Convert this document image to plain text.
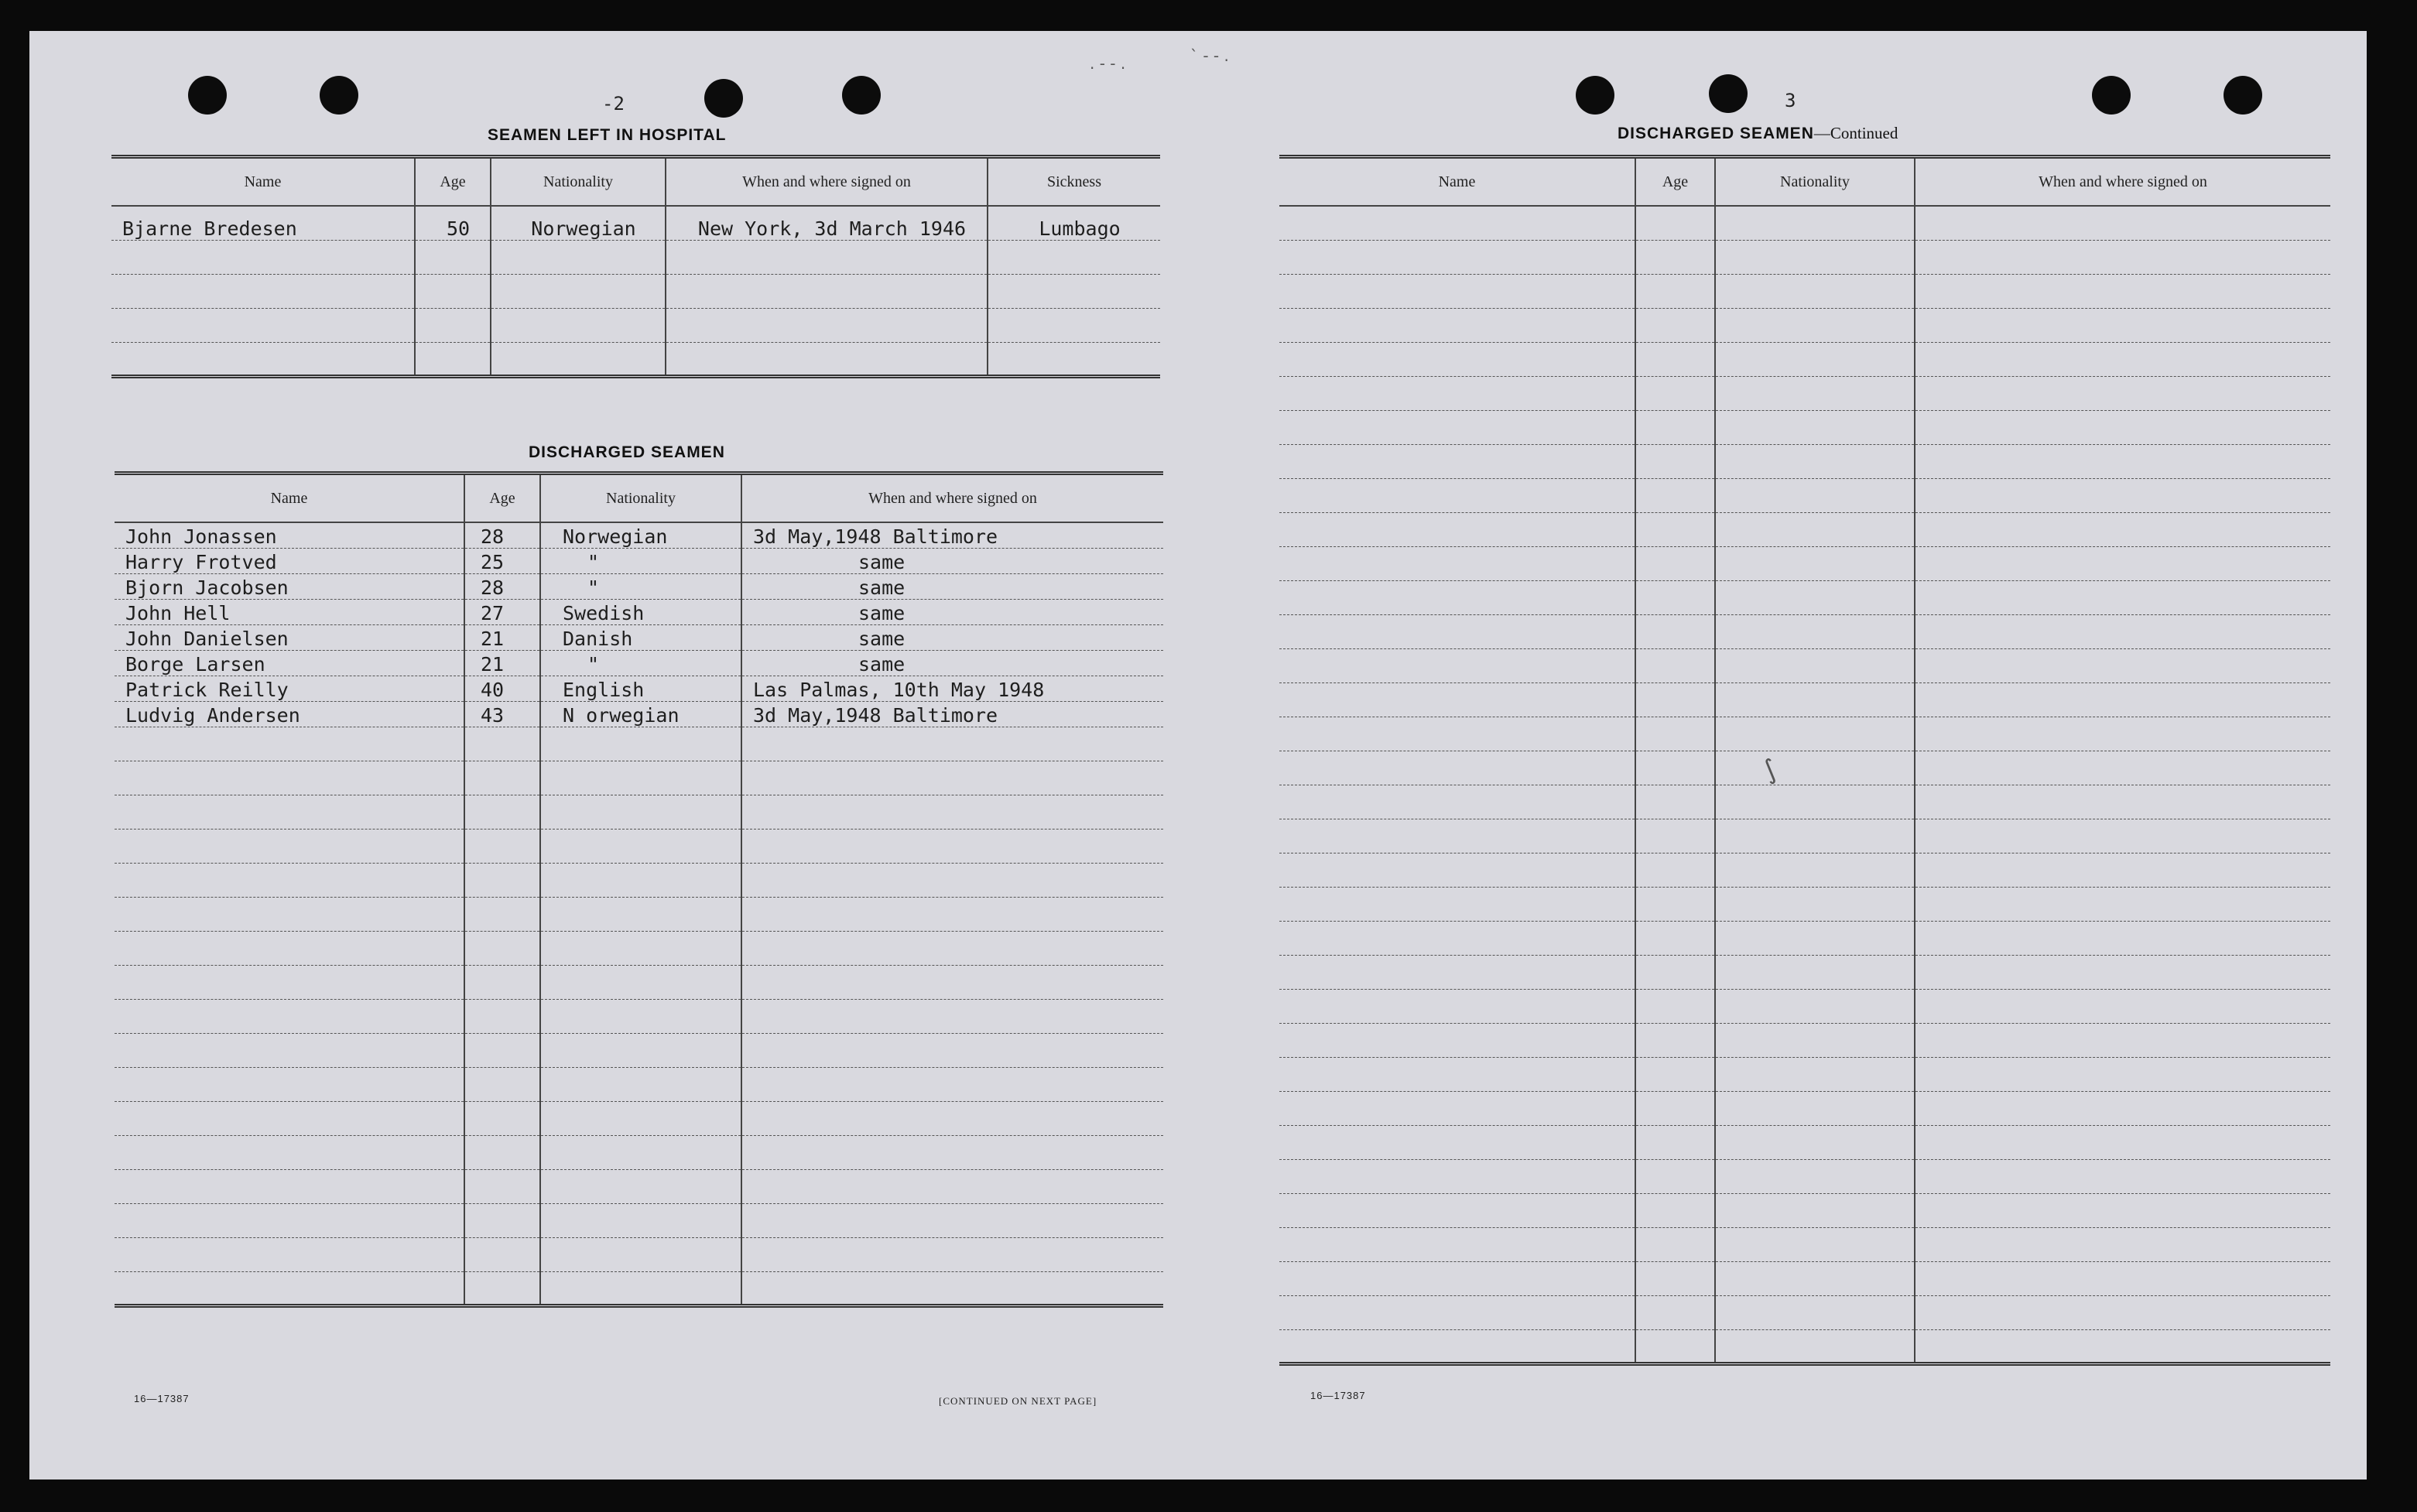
. - - .	` - - .
∫
-2
SEAMEN LEFT IN HOSPITAL
Name	Age	Nationality	When and where signed on	Sickness
Bjarne Bredesen	50	Norwegian	New York, 3d March 1946	Lumbago

DISCHARGED SEAMEN
Name	Age	Nationality	When and where signed on
John Jonassen	28	Norwegian	3d May,1948 Baltimore
Harry Frotved	25	"	same
Bjorn Jacobsen	28	"	same
John Hell	27	Swedish	same
John Danielsen	21	Danish	same
Borge Larsen	21	"	same
Patrick Reilly	40	English	Las Palmas, 10th May 1948
Ludvig Andersen	43	N orwegian	3d May,1948 Baltimore

16—17387	[CONTINUED ON NEXT PAGE]
3
DISCHARGED SEAMEN—Continued
Name	Age	Nationality	When and where signed on

16—17387
